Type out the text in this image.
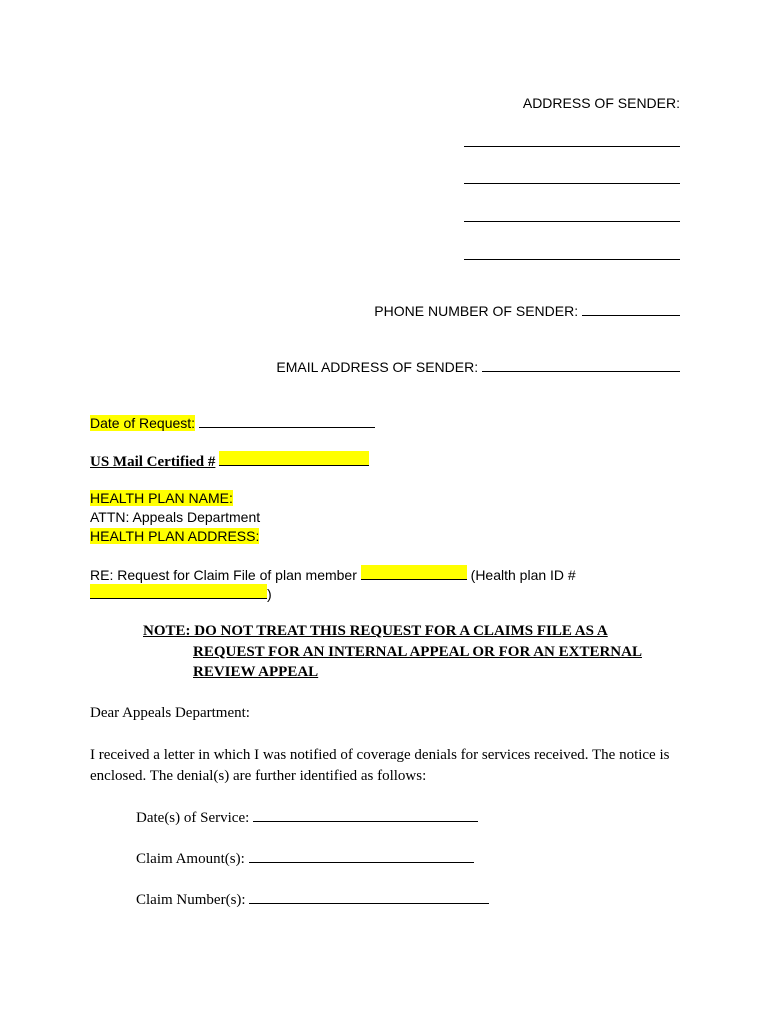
ADDRESS OF SENDER:
PHONE NUMBER OF SENDER:
EMAIL ADDRESS OF SENDER:
Date of Request:
US Mail Certified #
HEALTH PLAN NAME:
ATTN: Appeals Department
HEALTH PLAN ADDRESS:
RE: Request for Claim File of plan member	(Health plan ID #
)
NOTE: DO NOT TREAT THIS REQUEST FOR A CLAIMS FILE AS A
REQUEST FOR AN INTERNAL APPEAL OR FOR AN EXTERNAL
REVIEW APPEAL
Dear Appeals Department:
I received a letter in which I was notified of coverage denials for services received. The notice is
enclosed. The denial(s) are further identified as follows:
Date(s) of Service:
Claim Amount(s):
Claim Number(s):
